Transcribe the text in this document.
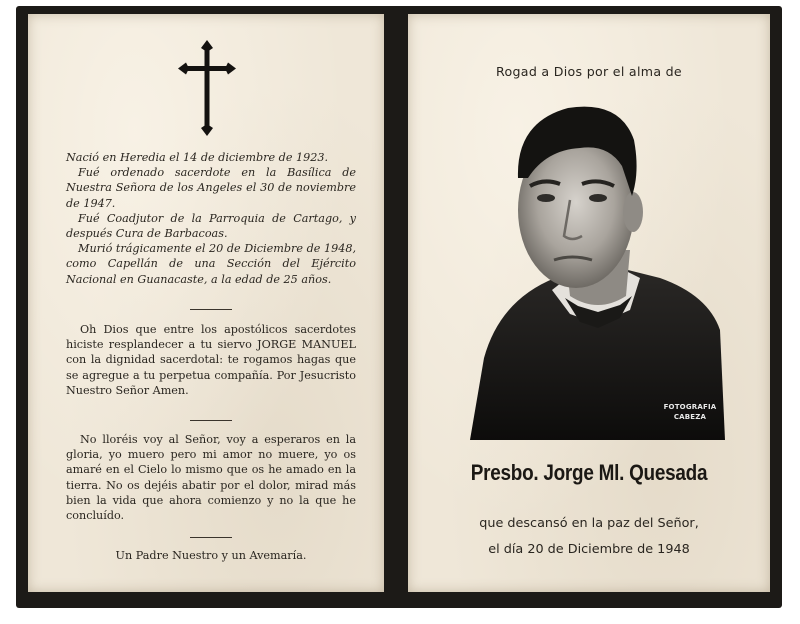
Nació en Heredia el 14 de diciembre de 1923.

Fué ordenado sacerdote en la Basílica de Nuestra Señora de los Angeles el 30 de noviembre de 1947.

Fué Coadjutor de la Parroquia de Cartago, y después Cura de Barbacoas.

Murió trágicamente el 20 de Diciembre de 1948, como Capellán de una Sección del Ejército Nacional en Guanacaste, a la edad de 25 años.

Oh Dios que entre los apostólicos sacerdotes hiciste resplandecer a tu siervo JORGE MANUEL con la dignidad sacerdotal: te rogamos hagas que se agregue a tu perpetua compañía. Por Jesucristo Nuestro Señor Amen.

No lloréis voy al Señor, voy a esperaros en la gloria, yo muero pero mi amor no muere, yo os amaré en el Cielo lo mismo que os he amado en la tierra. No os dejéis abatir por el dolor, mirad más bien la vida que ahora comienzo y no la que he concluído.

Un Padre Nuestro y un Avemaría.
Rogad a Dios por el alma de
FOTOGRAFIA
CABEZA
Presbo. Jorge Ml. Quesada
que descansó en la paz del Señor,
el día 20 de Diciembre de 1948
